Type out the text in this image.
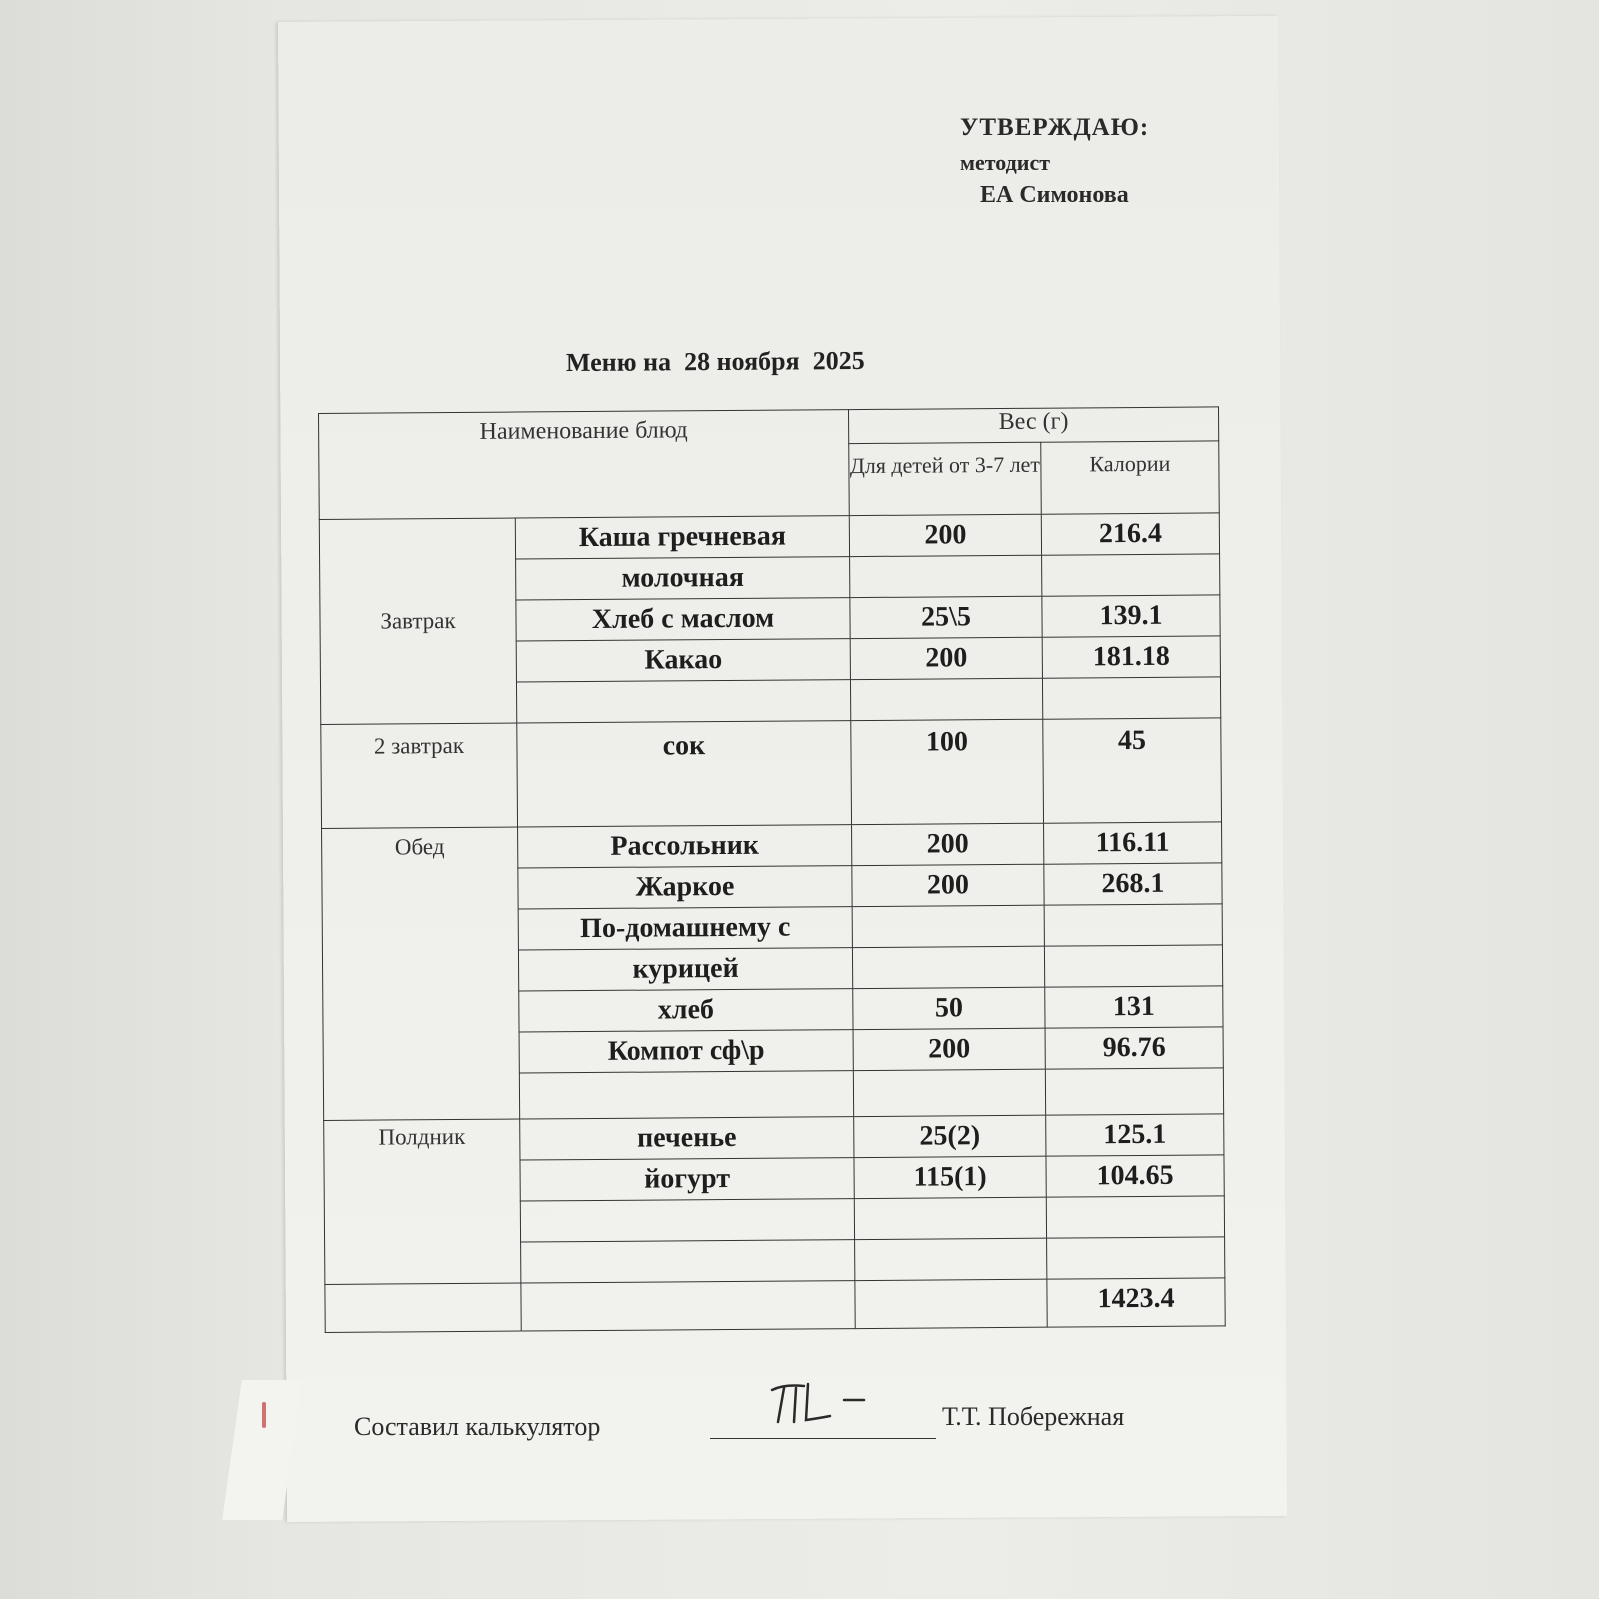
УТВЕРЖДАЮ:
методист
ЕА Симонова
Меню на  28 ноября  2025
Наименование блюд		Вес (г)	
		Для детей от 3-7 лет	Калории
Завтрак	Каша гречневая	200	216.4
	молочная		
	Хлеб с маслом	25\5	139.1
	Какао	200	181.18

2 завтрак	сок	100	45
Обед	Рассольник	200	116.11
	Жаркое	200	268.1
	По-домашнему с		
	курицей		
	хлеб	50	131
	Компот сф\р	200	96.76

Полдник	печенье	25(2)	125.1
	йогурт	115(1)	104.65

			1423.4
Составил калькулятор	Т.Т. Побережная
